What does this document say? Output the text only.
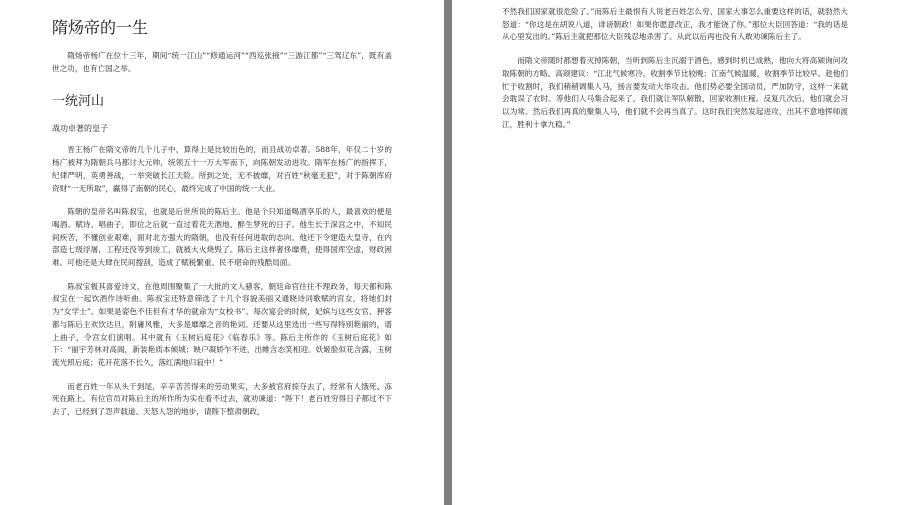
隋炀帝的一生

隋炀帝杨广在位十三年，期间“统一江山”“修通运河”“西巡张掖”“三游江都”“三驾辽东”，既有盖世之功，也有亡国之举。

一统河山
战功卓著的皇子

晋王杨广在隋文帝的几个儿子中，算得上是比较出色的，而且战功卓著。588年，年仅二十岁的杨广被拜为隋朝兵马都讨大元帅，统领五十一万大军南下，向陈朝发动进攻。隋军在杨广的指挥下，纪律严明，英勇善战，一举突破长江天险。所到之处，无不披靡，对百姓“秋毫无犯”，对于陈朝库府资财“一无所取”，赢得了南朝的民心，最终完成了中国的统一大业。

陈朝的皇帝名叫陈叔宝，也就是后世所说的陈后主。他是个只知道喝酒享乐的人，最喜欢的便是喝酒、赋诗、唱曲子，即位之后就一直过着花天酒地、醉生梦死的日子。他生长于深宫之中，不知民间疾苦，不懂创业艰难，面对北方强大的隋朝，也没有任何进取的志向。他还下令建造大皇寺，在内部造七级浮屠，工程还没等到竣工，就被大火烧毁了。陈后主这样奢侈靡费，使得国库空虚，财政困难。可他还是大肆在民间搜刮，造成了赋税繁重、民不堪命的残酷局面。

陈叔宝极其喜爱诗文，在他周围聚集了一大批的文人骚客，朝廷命官往往不理政务，每天都和陈叔宝在一起饮酒作诗听曲。陈叔宝还特意筛选了十几个容貌美丽又通晓诗词歌赋的宫女，将她们封为“女学士”。如果是姿色不佳但有才华的就命为“女校书”。每次宴会的时候，妃嫔与这些女官、狎客都与陈后主欢饮达旦，附庸风雅，大多是靡靡之音的艳词。还要从这里选出一些写得特别艳丽的，谱上曲子，令宫女们演唱。其中就有《玉树后庭花》《临春乐》等。陈后主所作的《玉树后庭花》如下：“丽宇芳林对高阁，新装艳质本倾城；映户凝娇乍不进，出帷含态笑相迎。妖姬脸似花含露，玉树流光照后庭；花开花落不长久，落红满地归寂中！”

而老百姓一年从头干到尾，辛辛苦苦得来的劳动果实，大多被官府掠夺去了，经常有人饿死、冻死在路上。有位官员对陈后主的所作所为实在看不过去，就劝谏道：“陛下！老百姓穷得日子都过不下去了，已经到了怨声载道、天怒人怨的地步，请陛下整肃朝政，

不然我们国家就很危险了。”而陈后主最恨有人说老百姓怎么穷、国家大事怎么重要这样的话，就勃然大怒道：“你这是在胡说八道，诽谤朝政！如果你愿意改正，我才能饶了你。”那位大臣回答道：“我的话是从心里发出的。”陈后主就把那位大臣残忍地杀害了。从此以后再也没有人敢劝谏陈后主了。

而隋文帝随时都想着灭掉陈朝，当听到陈后主沉溺于酒色，感到时机已成熟，他向大将高颎询问攻取陈朝的方略。高颎建议：“江北气候寒冷，收割季节比较晚；江南气候温暖，收割季节比较早。趁他们忙于收割时，我们稍稍调集人马，扬言要发动大举攻击。他们势必要全国动员，严加防守，这样一来就会耽误了农时。等他们人马集合起来了，我们就让军队解散，回家收割庄稼。反复几次后，他们就会习以为常。然后我们再真的聚集人马，他们就不会再当真了。这时我们突然发起进攻，出其不意地挥师渡江，胜利十拿九稳。”
